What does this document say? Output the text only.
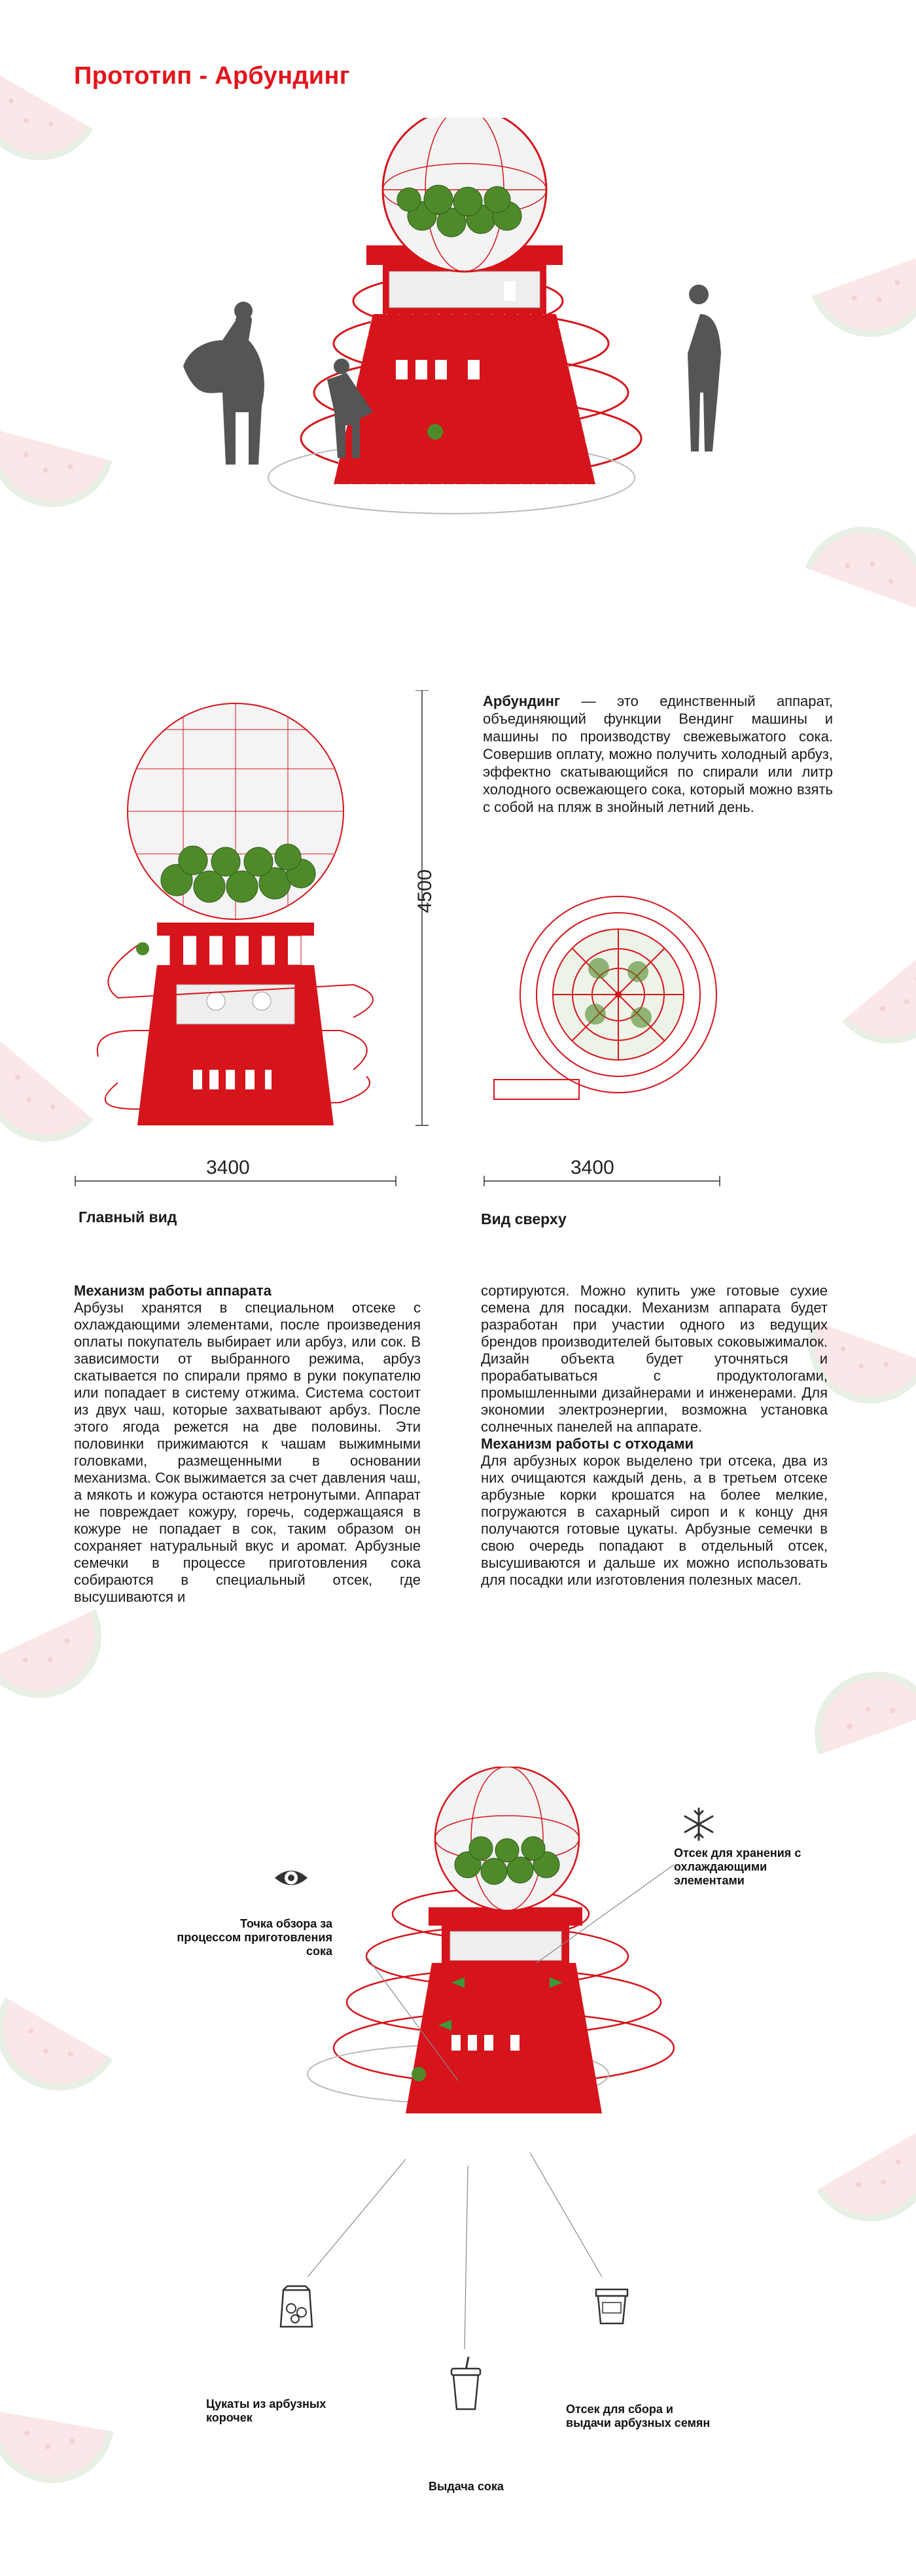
Прототип - Арбундинг
4500
3400
Главный вид

Арбундинг — это единственный аппарат, объединяющий функции Вендинг машины и машины по производству свежевыжатого сока. Совершив оплату, можно получить холодный арбуз, эффектно скатывающийся по спирали или литр холодного освежающего сока, который можно взять с собой на пляж в знойный летний день.

3400
Вид сверху
Механизм работы аппарата

Арбузы хранятся в специальном отсеке с охлаждающими элементами, после произведения оплаты покупатель выбирает или арбуз, или сок. В зависимости от выбранного режима, арбуз скатывается по спирали прямо в руки покупателю или попадает в систему отжима. Система состоит из двух чаш, которые захватывают арбуз. После этого ягода режется на две половины. Эти половинки прижимаются к чашам выжимными головками, размещенными в основании механизма. Сок выжимается за счет давления чаш, а мякоть и кожура остаются нетронутыми. Аппарат не повреждает кожуру, горечь, содержащаяся в кожуре не попадает в сок, таким образом он сохраняет натуральный вкус и аромат. Арбузные семечки в процессе приготовления сока собираются в специальный отсек, где высушиваются и

сортируются. Можно купить уже готовые сухие семена для посадки. Механизм аппарата будет разработан при участии одного из ведущих брендов производителей бытовых соковыжималок. Дизайн объекта будет уточняться и прорабатываться с продуктологами, промышленными дизайнерами и инженерами. Для экономии электроэнергии, возможна установка солнечных панелей на аппарате.

Механизм работы с отходами

Для арбузных корок выделено три отсека, два из них очищаются каждый день, а в третьем отсеке арбузные корки крошатся на более мелкие, погружаются в сахарный сироп и к концу дня получаются готовые цукаты. Арбузные семечки в свою очередь попадают в отдельный отсек, высушиваются и дальше их можно использовать для посадки или изготовления полезных масел.

Точка обзора за процессом приготовления сока
Отсек для хранения с охлаждающими элементами
Цукаты из арбузных корочек
Отсек для сбора и выдачи арбузных семян
Выдача сока
